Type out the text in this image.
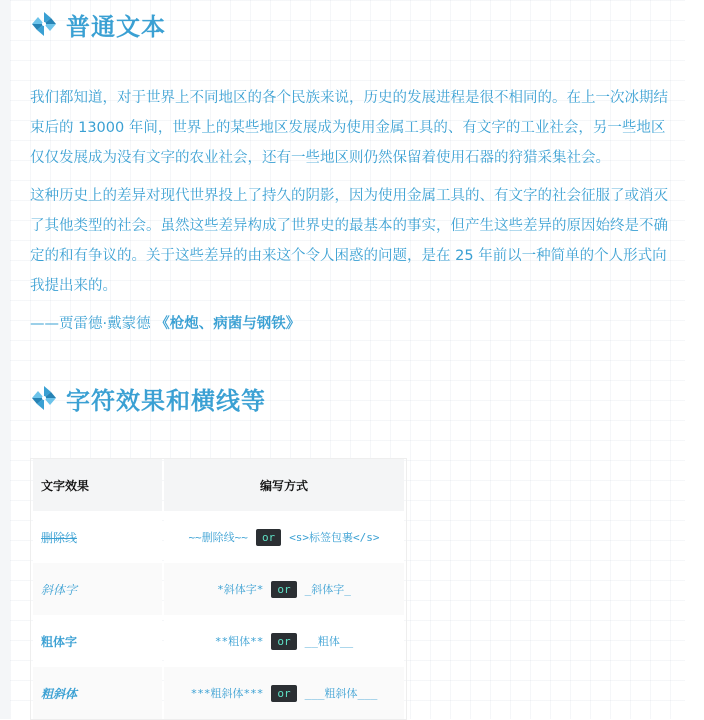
普通文本

我们都知道，对于世界上不同地区的各个民族来说，历史的发展进程是很不相同的。在上一次冰期结束后的 13000 年间，世界上的某些地区发展成为使用金属工具的、有文字的工业社会，另一些地区仅仅发展成为没有文字的农业社会，还有一些地区则仍然保留着使用石器的狩猎采集社会。

这种历史上的差异对现代世界投上了持久的阴影，因为使用金属工具的、有文字的社会征服了或消灭了其他类型的社会。虽然这些差异构成了世界史的最基本的事实，但产生这些差异的原因始终是不确定的和有争议的。关于这些差异的由来这个令人困惑的问题，是在 25 年前以一种简单的个人形式向我提出来的。

——贾雷德·戴蒙德 《枪炮、病菌与钢铁》
字符效果和横线等
文字效果	编写方式
删除线	~~删除线~~ or <s>标签包裹</s>
斜体字	*斜体字* or _斜体字_
粗体字	**粗体** or __粗体__
粗斜体	***粗斜体*** or ___粗斜体___
